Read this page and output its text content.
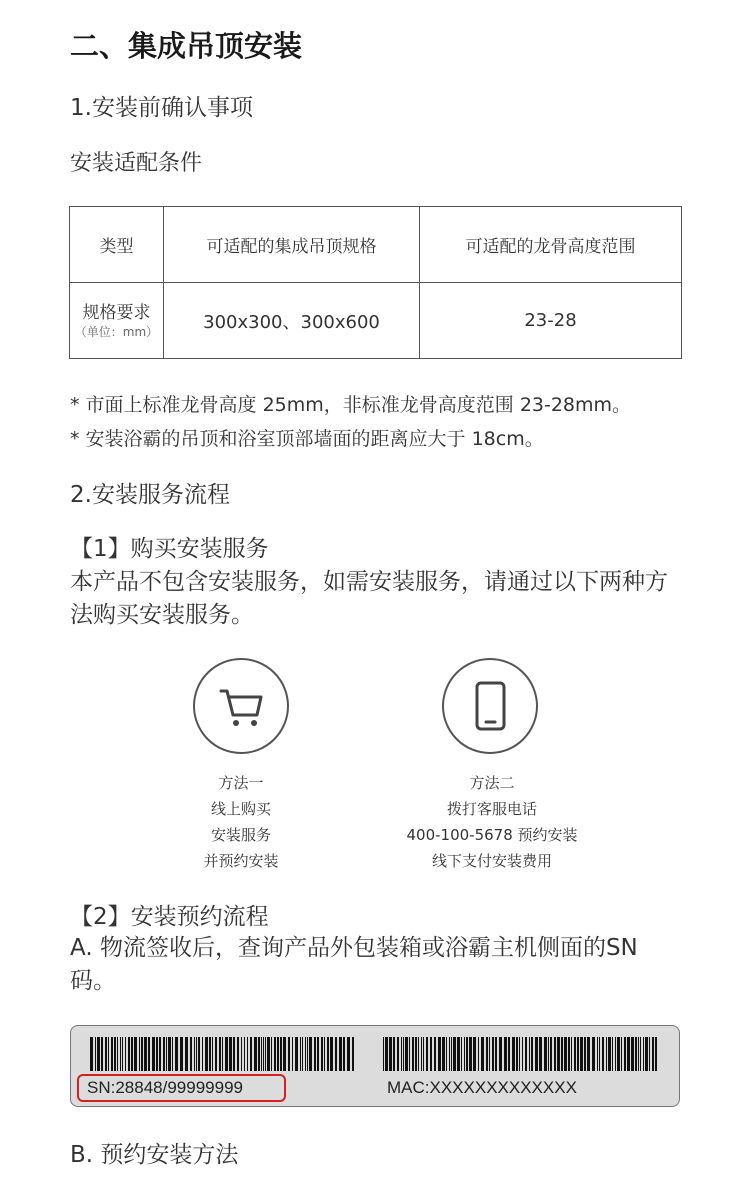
二、集成吊顶安装
1.安装前确认事项
安装适配条件
类型	可适配的集成吊顶规格	可适配的龙骨高度范围
规格要求
（单位：mm）	300x300、300x600	23-28
* 市面上标准龙骨高度 25mm，非标准龙骨高度范围 23-28mm。
* 安装浴霸的吊顶和浴室顶部墙面的距离应大于 18cm。
2.安装服务流程
【1】购买安装服务
本产品不包含安装服务，如需安装服务，请通过以下两种方法购买安装服务。
方法一
线上购买
安装服务
并预约安装
方法二
拨打客服电话
400-100-5678 预约安装
线下支付安装费用
【2】安装预约流程
A. 物流签收后，查询产品外包装箱或浴霸主机侧面的SN 码。
SN:28848/99999999	MAC:XXXXXXXXXXXXX
B. 预约安装方法
